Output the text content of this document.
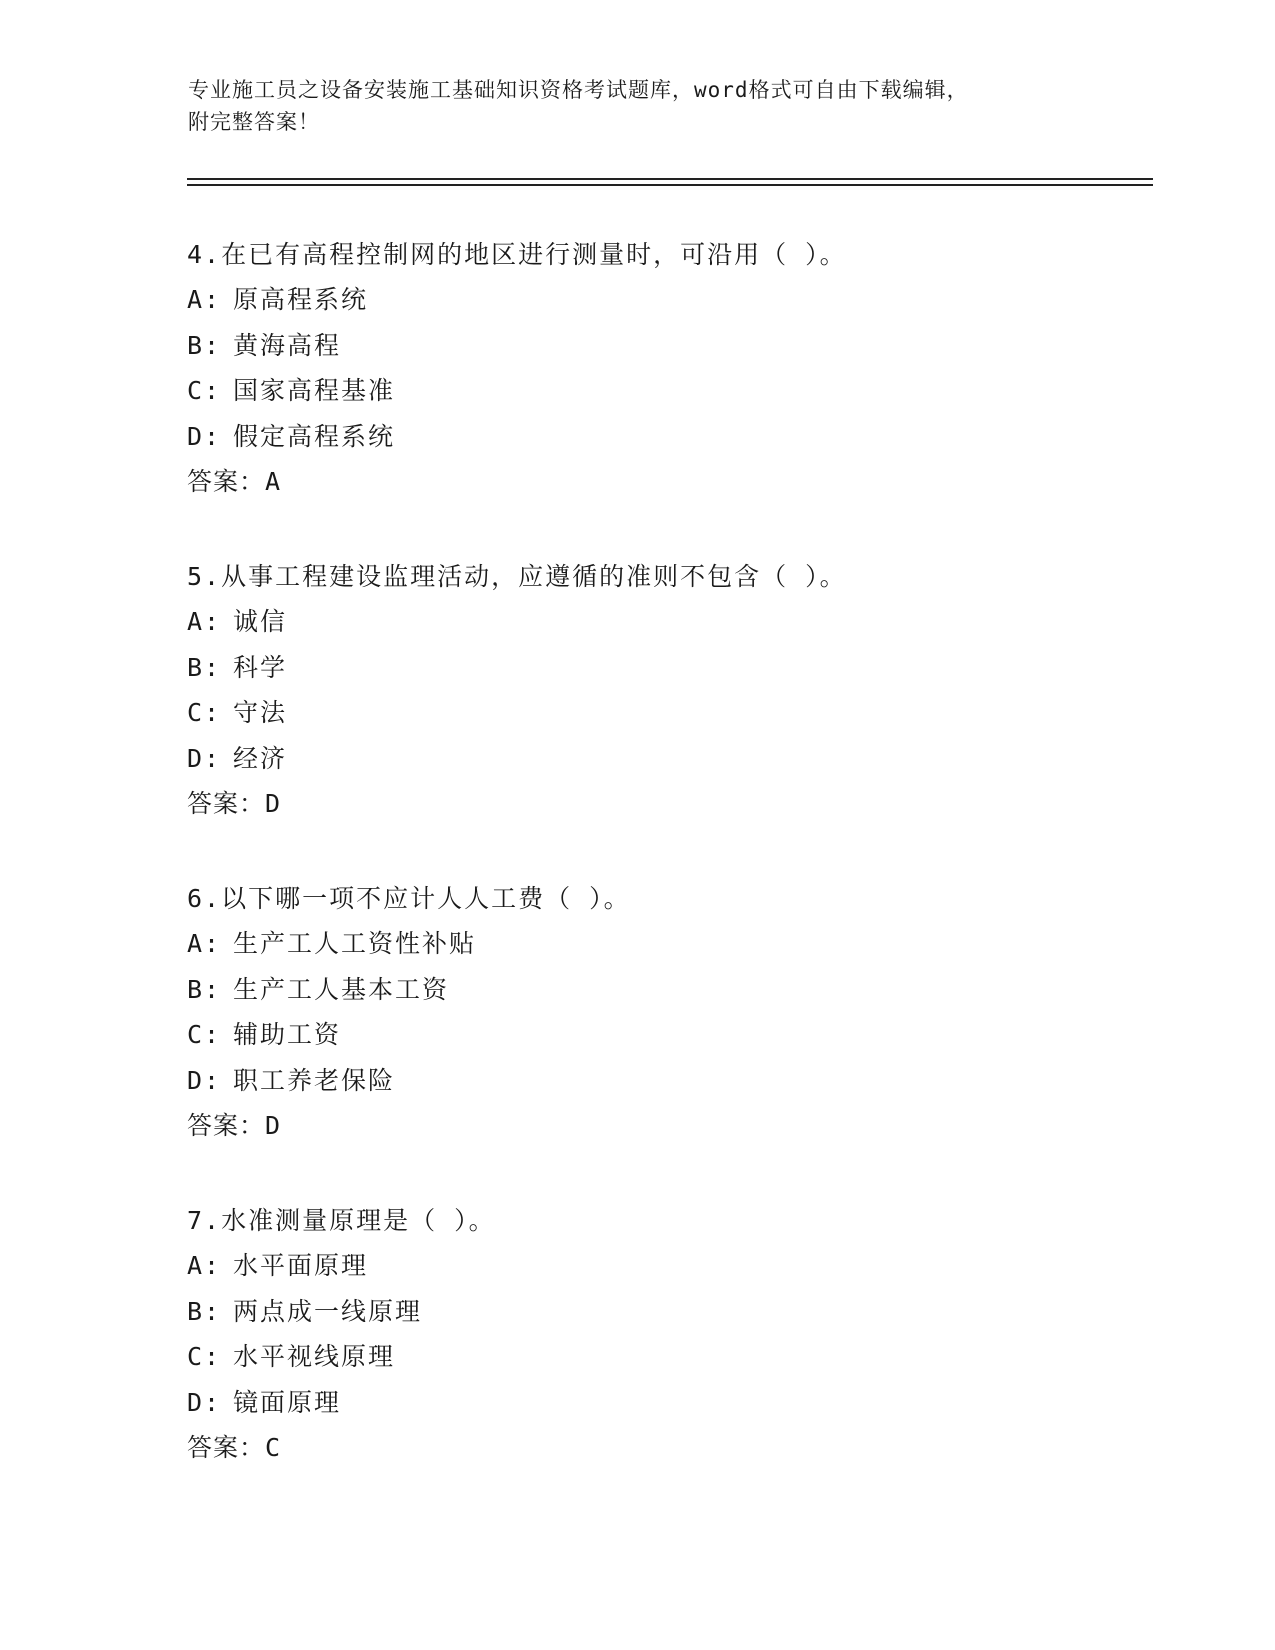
专业施工员之设备安装施工基础知识资格考试题库，word格式可自由下载编辑，
附完整答案！
4.在已有高程控制网的地区进行测量时，可沿用（ ）。
A: 原高程系统
B: 黄海高程
C: 国家高程基准
D: 假定高程系统
答案：A
5.从事工程建设监理活动，应遵循的准则不包含（ ）。
A: 诚信
B: 科学
C: 守法
D: 经济
答案：D
6.以下哪一项不应计人人工费（ ）。
A: 生产工人工资性补贴
B: 生产工人基本工资
C: 辅助工资
D: 职工养老保险
答案：D
7.水准测量原理是（ ）。
A: 水平面原理
B: 两点成一线原理
C: 水平视线原理
D: 镜面原理
答案：C
